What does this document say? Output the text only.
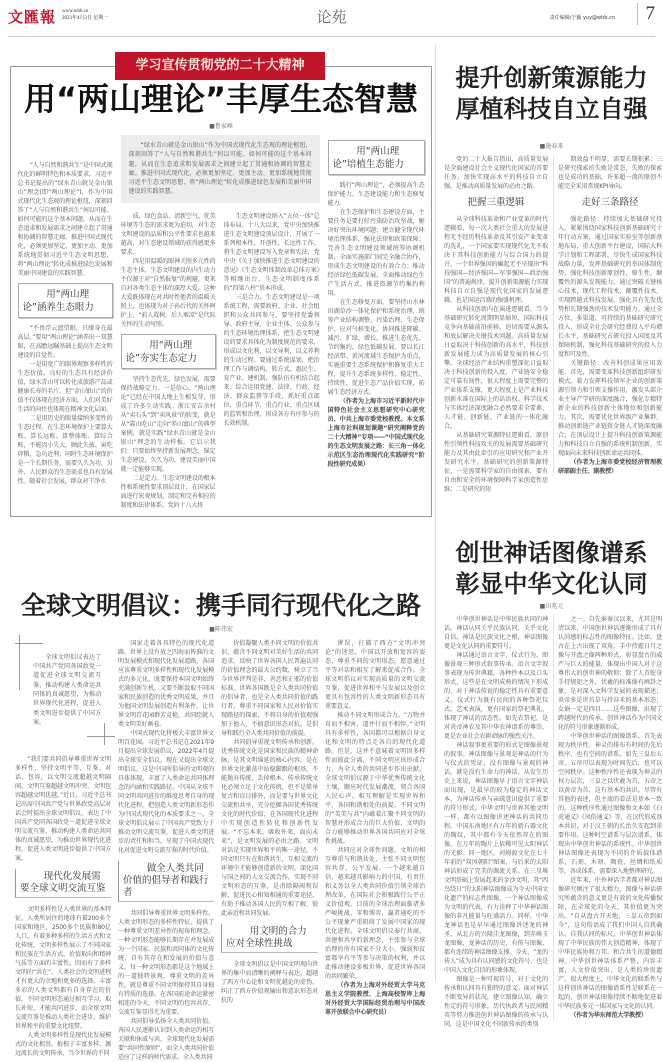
文匯報 www.whb.cn
2023年4月3日 星期一	论苑	责任编辑/于颖 yuy@whb.cn	7
学习宣传贯彻党的二十大精神
用“两山理论”丰厚生态智慧
■鲁家峰

“人与自然和谐共生”是中国式现代化的鲜明特色和本质要求。习近平总书记提出的“绿水青山就是金山银山”理念(即“两山理论”)，作为中国式现代化生态观的理论枢纽，深刻回答了“人与自然和谐共生”何以可能、如何可能的这个基本问题，从而在生态追求和发展需求之间建立起了贯通和协调的智慧走廊。推进中国式现代化，必须更加坚定、更加主动、更加系统地贯彻习近平生态文明思想，将“两山理论”转化成推进绿色发展和美丽中国建设的实践智慧。

用“两山理论”涵养生态眼力

“不畏浮云遮望眼，只缘身在最高层。”要用“两山理论”涵养出一双慧眼，在高瞻远瞩基础上提高生态文明建设的自觉性。

一是用宽广的眼界观察多样性的生态价值。良好的生态具有经济价值，绿水青山可以转化成旅游产品或健康长寿的名片。但“金山银山”的价值不仅体现在经济方面，人们对美好生活的向往也体现在精神文化层面。

二是用历史的眼量接纳多变性的生态过程。在生态环境保护上要算大账、算长远账、算整体账、算综合账，不能因小失大、顾此失彼、寅吃卯粮、急功近利；同时生态环境保护是一个长期任务，需要久久为功。另外，人民群众的生态需求也具有发展性。随着社会发展，群众对干净水

“绿水青山就是金山银山”作为中国式现代化生态观的理论枢纽，深刻回答了“人与自然和谐共生”何以可能、如何可能的这个基本问题，从而在生态追求和发展需求之间建立起了贯通和协调的智慧走廊。推进中国式现代化，必须更加坚定、更加主动、更加系统地贯彻习近平生态文明思想，将“两山理论”转化成推进绿色发展和美丽中国建设的实践智慧。

质、绿色食品、清新空气、优美环境等生态的需求更为迫切，对生态文明建设的品质和公平性要求也越来越高，对生态建设领域的获得感更多要求。

四是用温暖的眼神关照多元性的生态主体。生态文明建设的内生动力不仅源于对“自然报复”的规避，更来自对各类生态主体的深厚大爱。这种大爱既体现在对共时性他者的温暖关照上，也体现为对子孙后代的关怀呵护上，“前人栽树，后人乘凉”是代际关怀的生动写照。

用“两山理论”夯实生态定力

坚持生态优先、绿色发展，需要保持战略定力。一是信心。“两山理论”已经在中国大地上生根发芽，形成了许多生动实践。浙江安吉余村从“卖石头”到“卖风景”的转变，就是从“靠山吃山”走向“养山富山”的典型案例，就是实践“绿水青山就是金山银山”理念的生动样板。它启示我们：只要始终坚持新发展理念，锚定生态建设，久久为功，建设美丽中国就一定能够实现。

二是定力。生态文明建设的根本性和系统性要求顶层设计，在国家层面进行宏观规划，制定和完善相应的制度和法律体系。党的十八大将

生态文明建设纳入“五位一体”总体布局。十八大以来，党中央加快推进生态文明建设顶层设计，开展了一系列根本性、开创性、长远性工作。将生态文明建设写入党章和宪法，党中央《关于加快推进生态文明建设的意见》《生态文明体制改革总体方案》等相继出台，生态文明制度体系的“四梁八柱”基本形成。

三是合力。生态文明建设是一项系统工程，需要政府、企业、社会组织和公众共同参与。要坚持党委领导、政府主导、企业主体、公众参与的生态环境治理体系，把生态文明建设的要求具体化为制度规范的要求，形成以文化利，以文导利，以义养利的生动过程。要通过系统谋划，把治理工作与调结构、转方式、惠民生、育产业、建机制，强队伍有机结合起来；综合运用党建、法律、行政、经济、群众监督等手段，抓好重点部位、重点环节、重点行业、重点区域的监管和治理，形成各方有序参与的长效机制。

用“两山理论”培植生态能力

践行“两山理论”，必须提高生态保护能力、生态建设能力和生态修复能力。

在生态保护和生态建设方面，主要任务是要打好污染防治攻坚战，解决好突出环境问题；建立健全现代环境治理体系，强化法律和政策保障；完善生态文明建设领域统筹协调机制，全面实施部门间完全融合协作，形成生态文明建设的有效合力；推动经济绿色低碳发展，全面推动绿色生产生活方式，推进资源节约集约利用。

在生态修复方面，要坚持山水林田湖草沙一体化保护和系统治理，统筹产业结构调整、污染治理、生态保护、应对气候变化，协同推进降碳、减污、扩绿、增长，推进生态优先、节约集约、绿色低碳发展。要以长江经济带、黄河流域生态保护为重点，实施重要生态系统保护和修复重大工程，提升生态系统多样性、稳定性、持续性，促进生态产品价值实现，拓展生态经济方式。

（作者为上海市习近平新时代中国特色社会主义思想研究中心研究员、中共上海市委党校教授。本文系上海市社科规划课题“研究阐释党的二十大精神”专项——“中国式现代化的生态文明发展之路：长三角一体化示范区生态治理现代化实践研究”阶段性研究成果）

全球文明倡议：携手同行现代化之路
■陈伟宏
全球文明倡议表达了中国共产党同各国政党一道促进全球文明交流互鉴，推动构建人类命运共同体的真诚愿望，为推动世界现代化进程，促进人类文明进步提供了中国方案。

“我们要共同倡导尊重世界文明多样性，坚持文明平等、互鉴、对话、包容，以文明交流超越文明隔阂、文明互鉴超越文明冲突、文明包容超越文明优越。”近日，习近平总书记出席中国共产党与世界政党高层对话会时提出全球文明倡议，表达了中国共产党同各国政党一道促进全球文明交流互鉴，推动构建人类命运共同体的真诚愿望，为推动世界现代化进程，促进人类文明进步提供了中国方案。

现代化发展需要全球文明交流互鉴

文明多样性是人类世界的基本特征。人类所居住的地球有着200多个国家和地区，2500多个民族和80亿人口，有着多种多样的生活方式和文化传统，文明多样性展示了不同国家和民族在生活方式、价值取向和精神气质等方面的丰富性，因而有了多样文明的“共在”。人类社会的文明进程才有更大的余地和更多的选择。丰富多彩的人类文明都有自身存在的价值，不同文明形态通过相互学习，取长补短，才能共同进步，而全球文明交流互鉴是推动人类社会进步，维护世界和平的重要文化纽带。

人类文明多样性是现代化发展模式的文化根基。植根于丰富多样、源远流长的文明传承，当今世界的不同

国家走着各具特色的现代化道路。世界上没有放之四海而皆准的文明发展模式和现代化发展道路，各国应该尊重文明多样性和现代化发展模式的多元化，既要保持本国文明始终充满创新生机，又要不断汲取不同国家和民族创造的优秀文明成果，并且为他国文明发展创造有利条件，让世界文明百花园群芳竞艳，共同绘就人类文明美好画卷。

中国式现代化将极大丰富世界文明百花园。习近平总书记在2021年9月提出全球发展倡议，2022年4月提出全球安全倡议，现在又提出全球文明倡议，这是中国所倡导的文明观的具体体现，丰富了人类命运共同体理念的内涵和实践路径。中国从全球不同文明共同进步的维度思考自身的现代化进程，把创造人类文明新形态作为中国式现代化的本质要求之一。全球文明倡议展示了中国共产党致力于推动文明交流互鉴，促进人类文明进步的责任和担当，呈现了中国式现代化对促进文明交流互鉴的时代价值。

做全人类共同价值的倡导者和践行者

共同倡导尊重世界文明多样性。人类文明形态的多样性特征，提供了一种尊重文明差异性的视角和理念。一种文明形态能够长期存在并发展成为一个国家、民族和共同体的文化传统，自有其存在和发展的价值与意义。每一种文明形态都是这个地域上的一道独特景观，尊重文明的差异性，就是尊重不同文明保持其自身独有特质的选择。在各国前途命运紧密相连的今天，不同文明的包容共存、交流互鉴显得尤为重要。

共同倡导弘扬全人类共同价值。各国人民逐渐认识到人类命运的相互关联和休戚与共，全球现代化发展需要“共同性原则”，而全人类共同价值适应了这样的时代需求。全人类共同

价值凝聚人类不同文明的价值共识，蕴含不同文明对美好生活的共同追求，反映了世界各国人民普遍认同的价值理念的最大公约数，树立了当今世界评判是非、善恶和正邪的价值标准。世界各国既是全人类共同价值的倡导者，也是全人类共同价值的践行者。尊重不同国家和人民对价值实现路径的探索，不将自身的价值观强加于他人，不搞意识形态对抗，是倡导和践行全人类共同价值的前提。

共同倡导重视文明传承和创新。优秀传统文化是国家和民族的精神命脉，是其文明绵延的核心内容，是在世界文化激荡中站稳脚跟的根基，不能抛弃传统、丢掉根本。传承传统文化必须立足于文化传统，但不是简单复古和盲目排外，而是要与世界文化交流和共享，充分挖掘各国优秀传统文化的时代价值，在各国现代化进程中实现创造性转化和创新性发展。“不忘本来、吸收外来、面向未来”，是文明发展的必由之路。文明对话是实现世界和平的唯一途径，不同文明只有在和谐共生，互相交流的环境中才能够创造新的文明。深化国与国之间的人文交流合作，实现不同文明形态的互鉴，是消除隔阂和误解，促进民心相知相通的重要途径，有助于推动各国人民的互相了解，彼此亲近和共同发展。

用文明的合力应对全球性挑战

全球文明倡议是中国文明观向世界的集中而清晰的阐释与表达，超越了西方中心论和文明优越论的虚伪，纠正了西方价值观输出和意识形态对抗的

谬误，打破了西方“文明冲突论”的迷思。中国以开放和宽容的姿态，尊重不同的文明形态，愿意通过平等对话和相互了解来促成合作。全球文明倡议对实现高质量的文明交流互鉴，促进世界和平与发展以及创立更具有包容性的人类文明新形态具有重要意义。

推动不同文明形成合力。“万物并育而不相害，道并行而不相悖。”文明具有多样性，各国都可以根据自身文化和文明的特点走各自的现代化道路。但是，这并不意味着文明因多样性而彼此分离，不同文明应该形成合力，为全人类的共同进步作出贡献。全球文明倡议源于中华优秀传统文化土壤，顺应时代发展潮流，契合各国人民心声。相互理解是实现世界和平、各国和谐相处的前提，不同文明的“美美与共”内蕴着汇聚不同文明的智慧并形成合力的巨大价值，文明的合力能够推动世界各国共同应对全球性挑战。

共同应对全球性问题。文明的相互尊重与和谐共处，主张不同文明包容共存、公平发展。一个越来越自信，越来越具影响力的中国，有责任和义务以全人类共同价值引领全球治理改革，在国际社会积极践行公平正义价值观。目前的全球治理面临诸多严峻挑战，零和博弈、赢者通吃的不公平现象严重阻碍了发展中国家的现代化进程。全球文明倡议奉行共商、共建和共享的新理念，主张参与全球治理的所有国家不分大小、强弱和贫富都享有平等参与决策的权利，并以此推动建设多极世界，促进世界各国的共同繁荣。

（作者为上海对外经贸大学马克思主义学院教授、上海高校智库上海对外经贸大学国际经贸治理与中国改革开放联合中心研究员）

提升创新策源能力
厚植科技自立自强
■施春来

党的二十大报告指出，高质量发展是全面建设社会主义现代化国家的首要任务。加快实现高水平的科技自立自强，是推动高质量发展的必由之路。

把握三重逻辑

从全球科技革命和产业变革的时代逻辑看，每一次人类社会重大的发展进程无不经历科技革命及其引发产业变革的洗礼，一个国家要实现现代化无不取决于其科技创新能力与综合国力的提升。一个世界强国的崛起无不呈现出“科技强国—经济强国—军事强国—政治强国”的普遍规律。提升创新策源能力实现科技自立自强是现代化国家的发展逻辑，也是国运昌盛的强盛机理。

从科技创新内在演进逻辑看，当今基础研究转化周期明显缩短，国际科技竞争向基础前沿前移，迫切需要从源头和底层解决关键技术问题。高质量发展日益取决于科技创新的高水平，科技创新发展能力成为高质量发展的核心引擎。全球经济产业结构重塑深化日益取决于科技创新的投入度，产业链安全稳定可靠有韧性，很大程度上需要完整的产业体系支撑，更大程度上是产业科技创新水准在国际上的话语权。科学技术与实体经济深度融合必然要求全要素、人才链、创新链、产业链的一体化融合。

从基础研究策源特征逻辑看，原创性引领性科技攻关的发展需要基础研究能力及其由此牵引的应用研究和产业开发研究水平。基础研究的创新策源特征，一是需要科学家的自由探索，要有自由和安全的环境保障科学家创造性思维；二是研究的短

期效益不明显，需要长期积累；三是研究探索的失败是常态，失败的探索也是成功的基础，许多超一流的原创不能完全采用常规KPI导向。

走好三条路径

强化路径：持续加大基础研究投入，紧紧围绕国家科技创新基础研究十年行动方案，通过国家实验室等创新基地布局，重大创新平台建设，国际大科学计划和工程部署，尽快生成国家科技战略力量，发挥基础研究的举国体制优势，强化科技创新原创性、原生性，颠覆性的源头发现能力。通过突破关键核心技术，现代工程技术，颠覆性技术，实现跨越式科技发展，强化具有先发优势和长期强劲的技术发明能力。通过全方位、多渠道、可持续的基础研究研究投入，形成全社会研究经费投入平均增长水平，基础研究占研究投入国度及其保障机制，强化科技基础研究的投入力度和可及性。

关键路径：改善科创成果应用效能。首先，需要变革科技创新组织研发模式。着力发挥科技领军企业的创新策源引领力和引领支撑作用，激发头部企业主导产学研的深度融合，强化专精特新企业的科技创新主体地位和创新能力。其次，需要优化世界级产业集群，推动创新链产业链资金链人才链深度融合，在顶层设计上提升科技创新策源能力和科技自立自强的系统机制创新，实现面向未来科技创新命运共同体。

（作者为上海市委党校经济管理教研部副主任、副教授）

创世神话图像谱系
彰显中华文化认同
■田兆元

中华创世神话是中华民族共同的神话。神话认同关乎民族认同，关乎文化自信。神话是民族文化之根，神话图像更是文化认同的重要符号。

神话通过语言文字、仪式行为、图像景观三种形式叙事传承。语言文字叙事表现为传世典籍，各种抄本以及口头形式，这些是在文明成熟的情况下形成的，对于神话传说的稳定性具有重要意义。仪式行为既有民间的各种祭祀仪式、艺术表演，更有国家的祭祀典礼，体现了神话的活态性。如先农祭祀，是对炎帝神农及其中华农神谱系的尊崇，更是农业社会农耕命脉的强烈关注。

神话叙事更重要的形式是图像景观的叙事。神话图像与景观是神话的行为与仪式的凭证，没有图像与景观的神话，就是没有生命力的神话。从发生历史上来说，神话图像早于语言文字神话而出现，是最早的较为稳定的神话文本，为神话传承与亲疏意识提供了重要的符号形式。中华文明与世界其他文明一样，都有以图像讲述神话的共同历程。中国东南地区有万年的新石器文化的陶纹，其中都有今天依然存在的图像。在万年的陶片上依稀可见太阳神话的光影。同一地区，河姆渡文化在七千年前的“双凤朝阳”图案，与后来的太阳神话形成了完美的源流关系。在三星堆文明基础上发展起来的金沙文明，其“四鸟绕日”的太阳神话图像成为今天中国文化遗产的标志性图像。一个神话图像成为文明的代表，有力诠释了中华神话图像的非凡能量与旺盛活力。同样，中华龙神话也是早早通过图像讲述龙的神圣，从北方的兴隆洼龙图像，到赤峰玉龙图像，龙神话的历史，有传与图像，都有连续的神话图像支撑。今天，“龙的传人”成为具有认同感的文化符号，也是中国人文化自信的形象体现。

图像是一种可视符号，对于文化的传承和认同具有独特的意义。面对神话不断变异的状况，建立图像认知，确立性定的符号形象，历代执政者与民间精英等努力推进创世神话图像的传承与认同，这是中国文化不同新传承的类别

之一。自先秦秦汉以来，尤其是明清以来，中国创世神话逐渐形成了具有认同感的标志性的图像特征。比如，盘古在上古出现了双角，手中持握日月之像与开盘之像两种形式，彰显盘古的威严与巨大的能量，体现出中国人对于这尊伟大的创世神的敬仰；除了人首蛇身手持规矩之外，伏羲的标准像有画卦之象，是对深入文科学发展的表现描述；炎帝多是世首草与持谷禾的基本形态；女娲一定是四目……这些图像，出现了跨越时代的传承。创世神话作为中国文化的符号形象逐渐形成。

中华创世神话的图像谱系，首先表现为秩序性。神灵的排布有时间的先后秩序，也有空间的谱系。如先三皇后五帝，五帝可以表现为时间先后，也可以空间秩序。这种秩序性还表现为神灵的权力层次，三皇之以伏羲为首，五帝之以黄帝为首，这有基本的共识。尽管有其他的表述，但主流的看法是基本一致的。这种秩序性通过图像和文本如《白虎通义》《风俗通义》等，在汉代形成基本共识，对于汉王朝的长治久安起到重要作用。这种时空谱系与层次谱系，体现出中华创世神话的系统性。中华创世神话图像还表现为不同的介质载体谱系，石刻、木刻、陶瓷、丝绸和纸质等，各成体系，需要深入地整理研究。

近年来，中外神话学者都对神话图像研究倾注了很大精力，图像与神话研究所蕴含的意义更是有效的文化传播保障，在全球化的今天，其价值更为突出。“自从盘古开天地，三皇五帝到如今”，这句俗语成了我们中国人自我确认、自我认同的标尺。中华创世神话体现了中华民族的伟大创造精神，体现了中华民族协和万邦，和合共生的道德精神。中华创世神话体系严整，内容丰富，人文价值突出，是人类的珍贵遗产。很大程度上，中华文化的联系性与这样创世神话的图像谱系性是联系在一起的，创世神话图像持续不断地促进着中华民族多元一体国家与文化的认同。

（作者为华东师范大学教授）
